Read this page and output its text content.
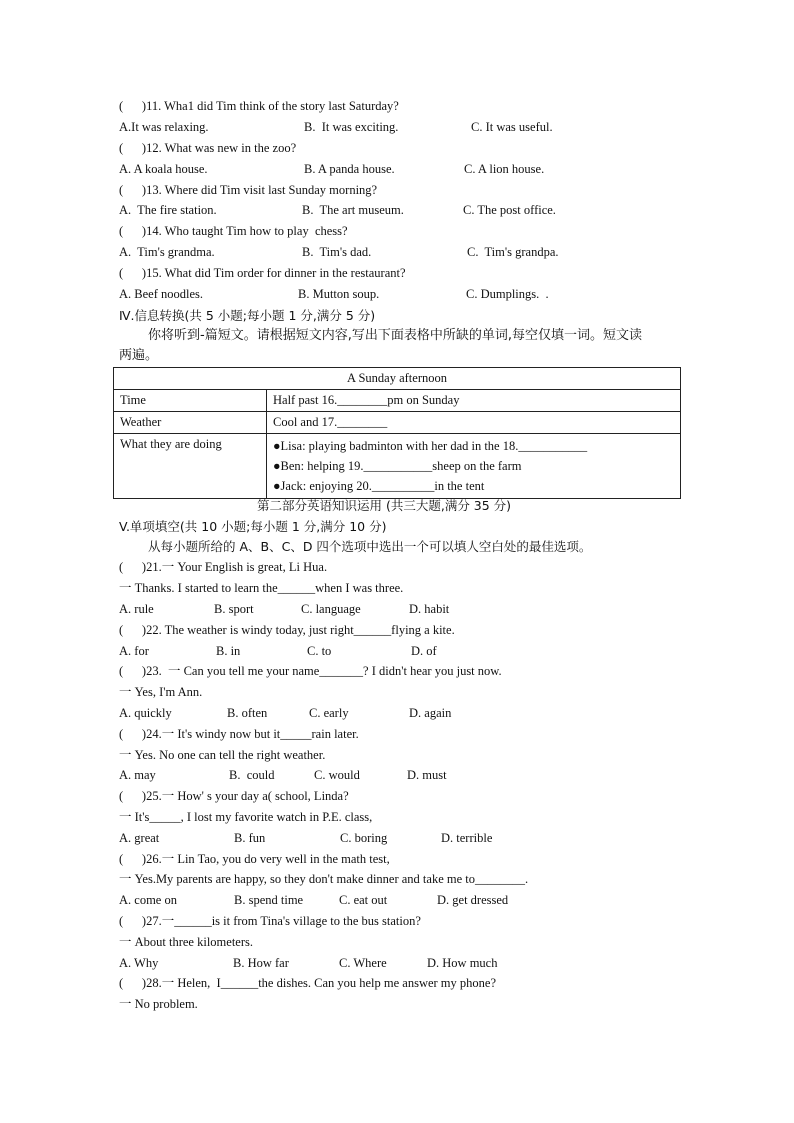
(      )11. Wha1 did Tim think of the story last Saturday?
A.It was relaxing.	B.  It was exciting.	C. It was useful.
(      )12. What was new in the zoo?
A. A koala house.	B. A panda house.	C. A lion house.
(      )13. Where did Tim visit last Sunday morning?
A.  The fire station.	B.  The art museum.	C. The post office.
(      )14. Who taught Tim how to play  chess?
A.  Tim's grandma.	B.  Tim's dad.	C.  Tim's grandpa.
(      )15. What did Tim order for dinner in the restaurant?
A. Beef noodles.	B. Mutton soup.	C. Dumplings.  .
Ⅳ.信息转换(共 5 小题;每小题 1 分,满分 5 分)
你将听到-篇短文。请根据短文内容,写出下面表格中所缺的单词,每空仅填一词。短文读
两遍。
A Sunday afternoon	
Time	Half past 16.________pm on Sunday
Weather	Cool and 17.________
What they are doing	●Lisa: playing badminton with her dad in the 18.___________
●Ben: helping 19.___________sheep on the farm
●Jack: enjoying 20.__________in the tent
第二部分英语知识运用 (共三大题,满分 35 分)
V.单项填空(共 10 小题;每小题 1 分,满分 10 分)
从每小题所给的 A、B、C、D 四个选项中选出一个可以填人空白处的最佳选项。
(      )21.一 Your English is great, Li Hua.
一 Thanks. I started to learn the______when I was three.
A. rule	B. sport	C. language	D. habit
(      )22. The weather is windy today, just right______flying a kite.
A. for	B. in	C. to	D. of
(      )23.  一 Can you tell me your name_______? I didn't hear you just now.
一 Yes, I'm Ann.
A. quickly	B. often	C. early	D. again
(      )24.一 It's windy now but it_____rain later.
一 Yes. No one can tell the right weather.
A. may	B.  could	C. would	D. must
(      )25.一 How' s your day a( school, Linda?
一 It's_____, I lost my favorite watch in P.E. class,
A. great	B. fun	C. boring	D. terrible
(      )26.一 Lin Tao, you do very well in the math test,
一 Yes.My parents are happy, so they don't make dinner and take me to________.
A. come on	B. spend time	C. eat out	D. get dressed
(      )27.一______is it from Tina's village to the bus station?
一 About three kilometers.
A. Why	B. How far	C. Where	D. How much
(      )28.一 Helen,  I______the dishes. Can you help me answer my phone?
一 No problem.
